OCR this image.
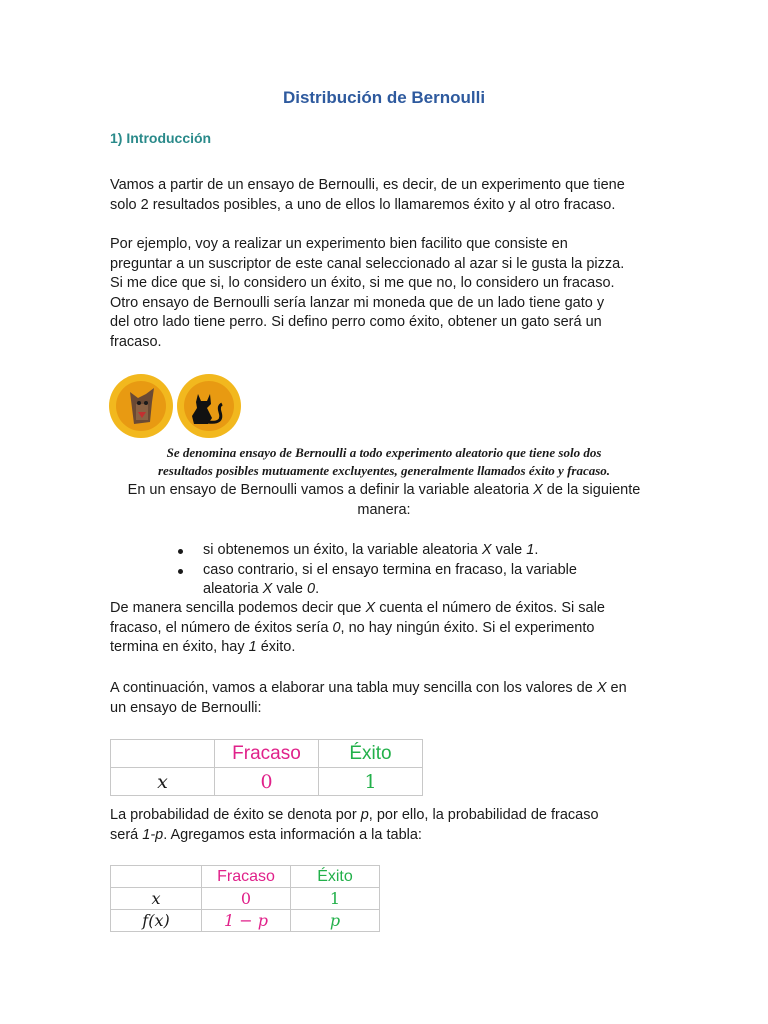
Distribución de Bernoulli
1) Introducción

Vamos a partir de un ensayo de Bernoulli, es decir, de un experimento que tiene

solo 2 resultados posibles, a uno de ellos lo llamaremos éxito y al otro fracaso.

Por ejemplo, voy a realizar un experimento bien facilito que consiste en

preguntar a un suscriptor de este canal seleccionado al azar si le gusta la pizza.

Si me dice que si, lo considero un éxito, si me que no, lo considero un fracaso.

Otro ensayo de Bernoulli sería lanzar mi moneda que de un lado tiene gato y

del otro lado tiene perro. Si defino perro como éxito, obtener un gato será un

fracaso.

Se denomina ensayo de Bernoulli a todo experimento aleatorio que tiene solo dos
resultados posibles mutuamente excluyentes, generalmente llamados éxito y fracaso.
En un ensayo de Bernoulli vamos a definir la variable aleatoria X de la siguiente
manera:
si obtenemos un éxito, la variable aleatoria X vale 1.
caso contrario, si el ensayo termina en fracaso, la variable
aleatoria X vale 0.

De manera sencilla podemos decir que X cuenta el número de éxitos. Si sale

fracaso, el número de éxitos sería 0, no hay ningún éxito. Si el experimento

termina en éxito, hay 1 éxito.

A continuación, vamos a elaborar una tabla muy sencilla con los valores de X en

un ensayo de Bernoulli:

	Fracaso	Éxito
x	0	1

La probabilidad de éxito se denota por p, por ello, la probabilidad de fracaso

será 1-p. Agregamos esta información a la tabla:

	Fracaso	Éxito
x	0	1
f(x)	1 − p	p
